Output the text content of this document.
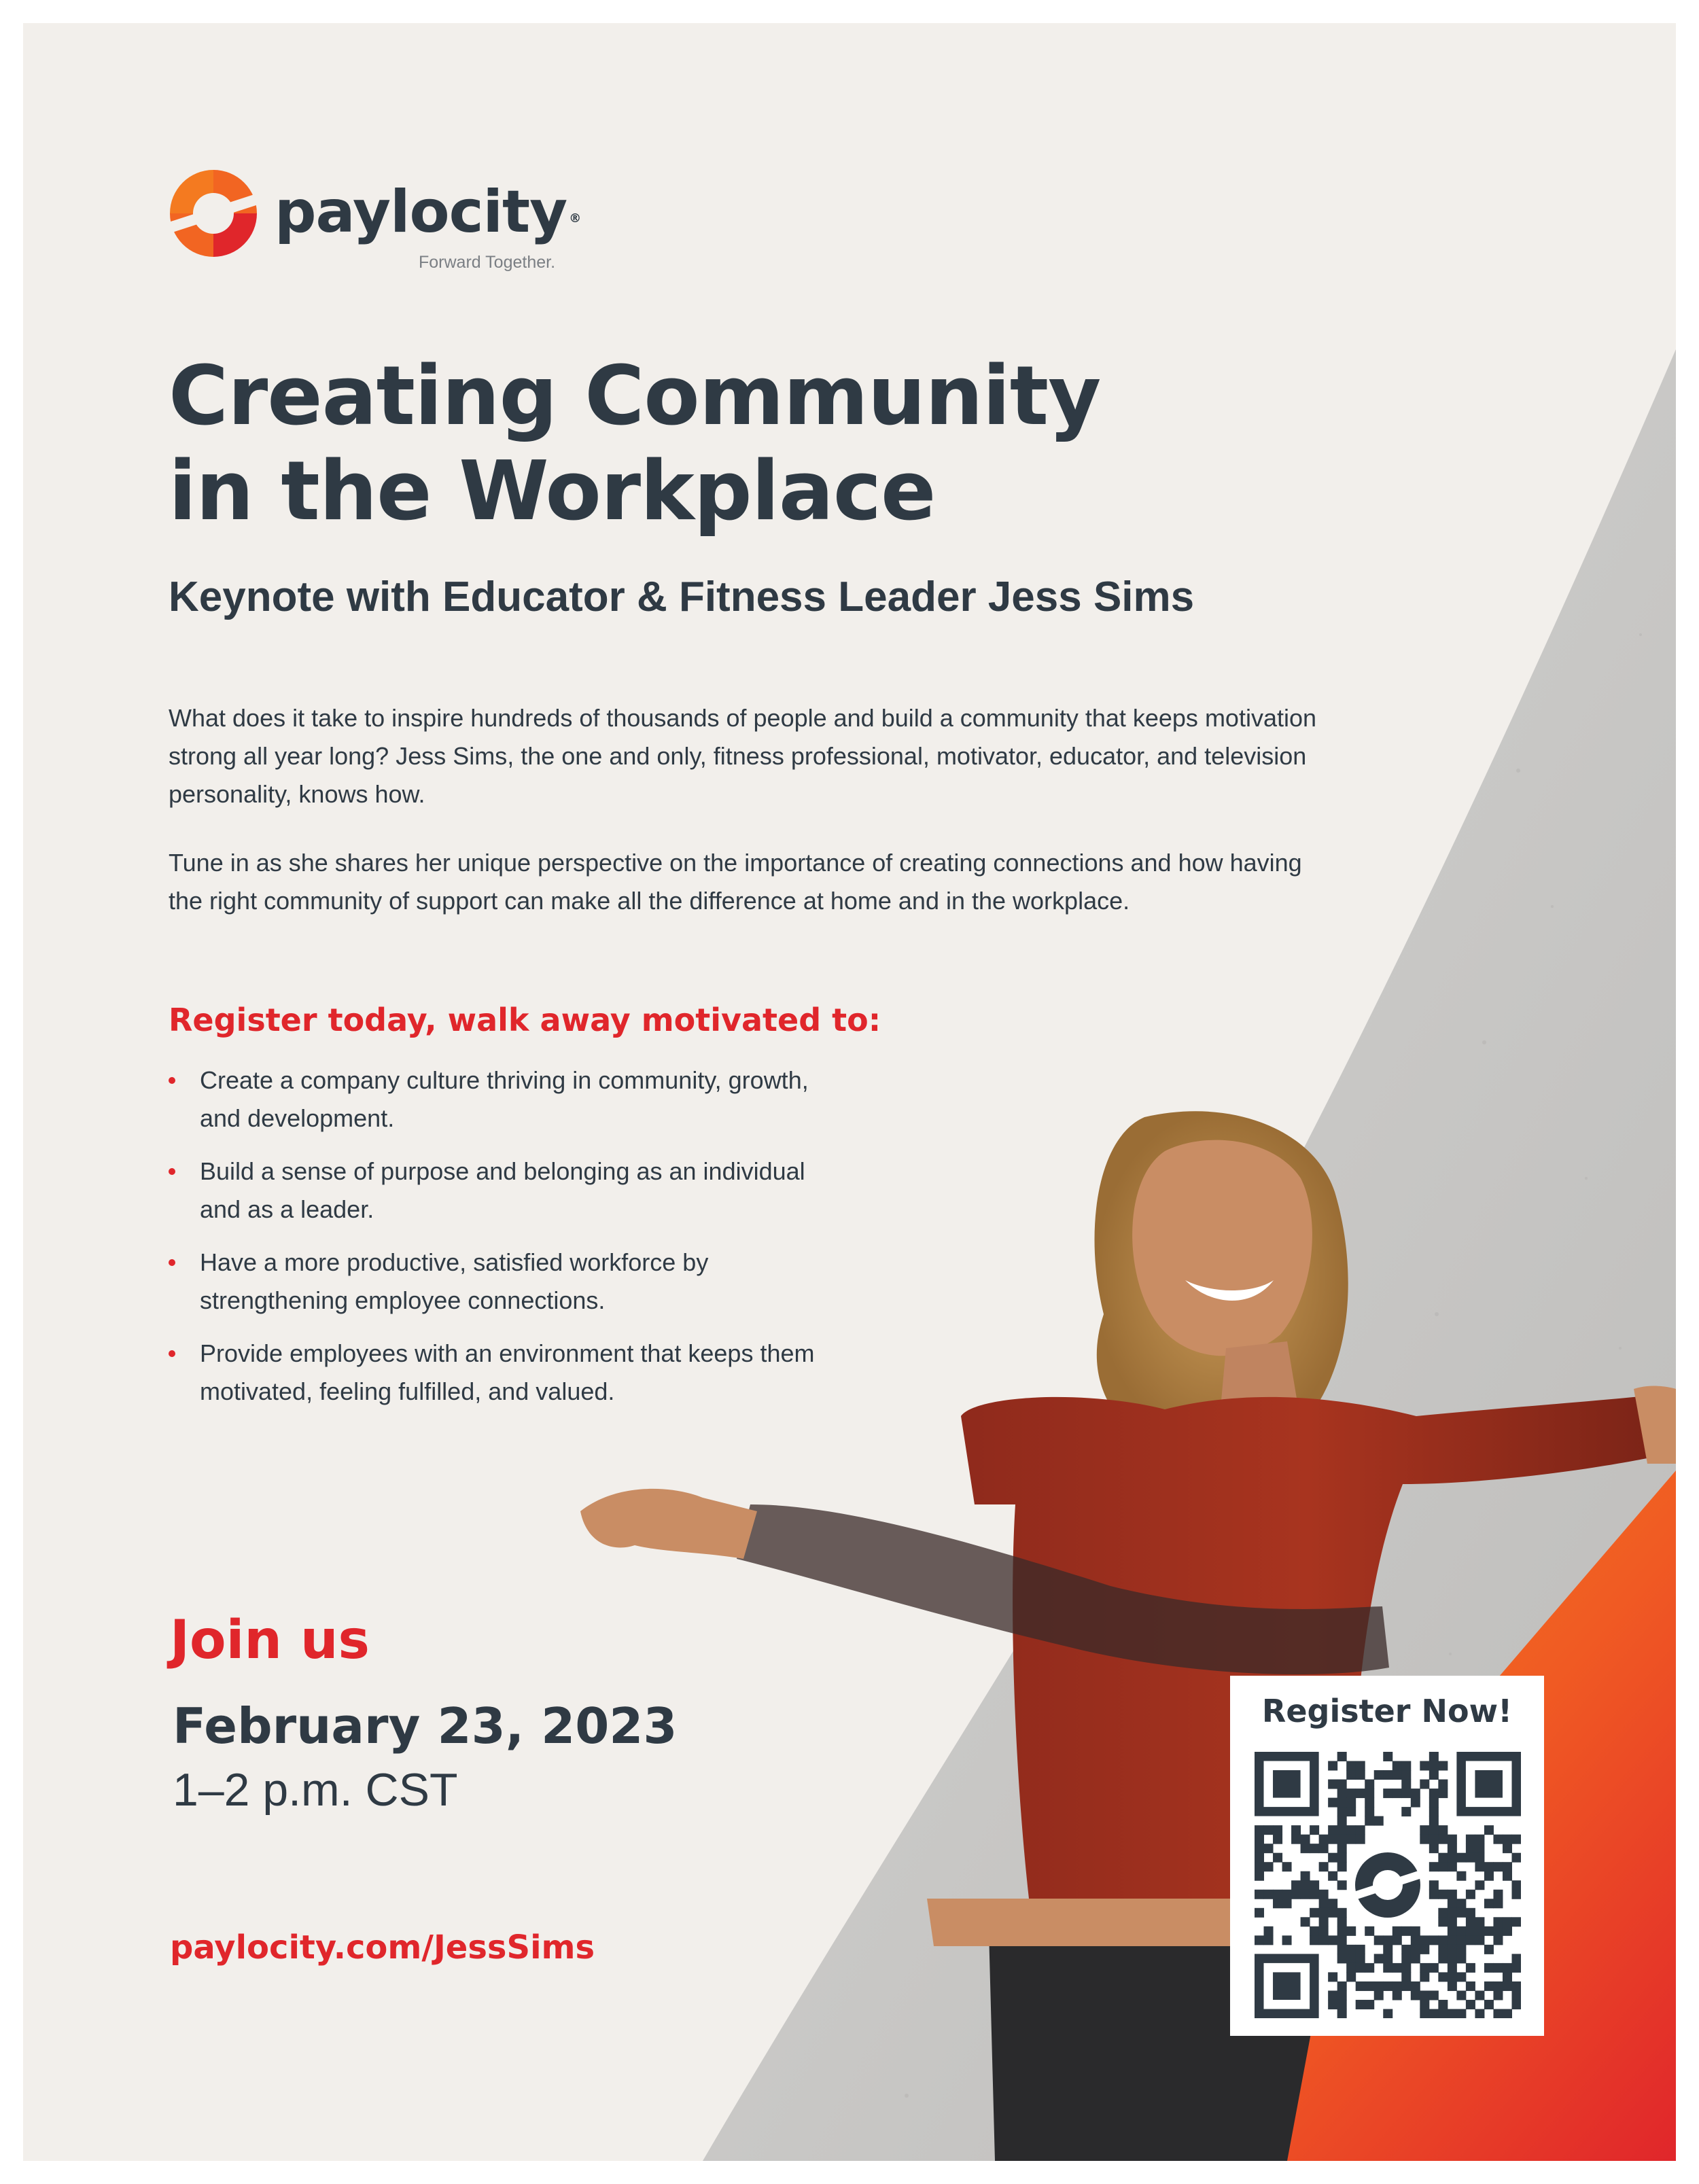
paylocity ®
Forward Together.
Creating Community
in the Workplace
Keynote with Educator & Fitness Leader Jess Sims

What does it take to inspire hundreds of thousands of people and build a community that keeps motivation strong all year long? Jess Sims, the one and only, fitness professional, motivator, educator, and television personality, knows how.

Tune in as she shares her unique perspective on the importance of creating connections and how having the right community of support can make all the difference at home and in the workplace.

Register today, walk away motivated to:
Create a company culture thriving in community, growth, and development.
Build a sense of purpose and belonging as an individual and as a leader.
Have a more productive, satisfied workforce by strengthening employee connections.
Provide employees with an environment that keeps them motivated, feeling fulfilled, and valued.
Join us
February 23, 2023
1–2 p.m. CST
paylocity.com/JessSims
Register Now!
